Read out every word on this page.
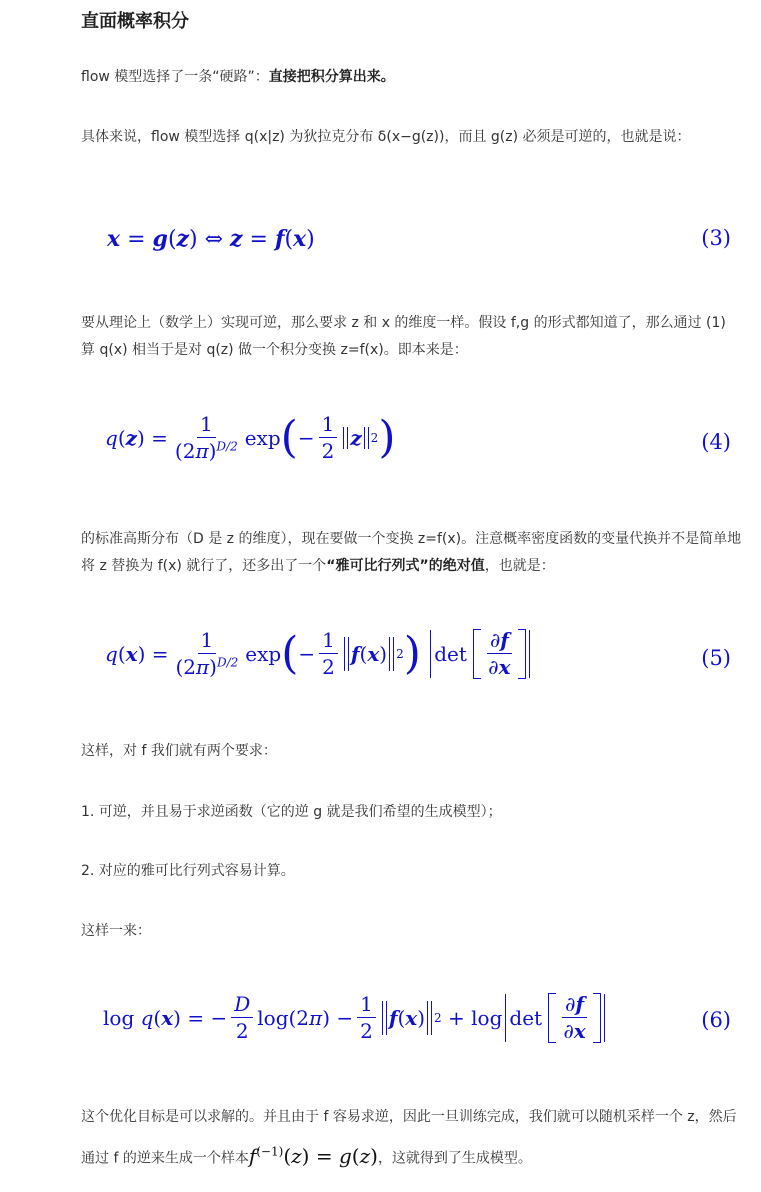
直面概率积分
flow 模型选择了一条“硬路”：直接把积分算出来。
具体来说，flow 模型选择 q(x|z) 为狄拉克分布 δ(x−g(z))，而且 g(z) 必须是可逆的，也就是说：
x = g ( z ) ⇔
z = f ( x )	(3)
要从理论上（数学上）实现可逆，那么要求 z 和 x 的维度一样。假设 f,g 的形式都知道了，那么通过 (1) 算 q(x) 相当于是对 q(z) 做一个积分变换 z=f(x)。即本来是：
q ( z ) = $\frac{1}{(2\pi)^{D/2}}$ exp ( − $\frac{1}{2}$ z 2 )	(4)
的标准高斯分布（D 是 z 的维度），现在要做一个变换 z=f(x)。注意概率密度函数的变量代换并不是简单地将 z 替换为 f(x) 就行了，还多出了一个“雅可比行列式”的绝对值，也就是：
q ( x ) = $\frac{1}{(2\pi)^{D/2}}$ exp ( − $\frac{1}{2}$ f ( x ) 2 )
$\det \frac{\partial f}{\partial x}$	(5)
这样，对 f 我们就有两个要求：
1. 可逆，并且易于求逆函数（它的逆 g 就是我们希望的生成模型）；
2. 对应的雅可比行列式容易计算。
这样一来：
log q ( x ) = − $\frac{D}{2} \log(2$ π ) − $\frac{1}{2}$ f ( x ) $2 + \log \det \frac{\partial f}{\partial x}$	(6)
这个优化目标是可以求解的。并且由于 f 容易求逆，因此一旦训练完成，我们就可以随机采样一个 z，然后通过 f 的逆来生成一个样本$f^{(-1)}(z) = g(z)$，这就得到了生成模型。
